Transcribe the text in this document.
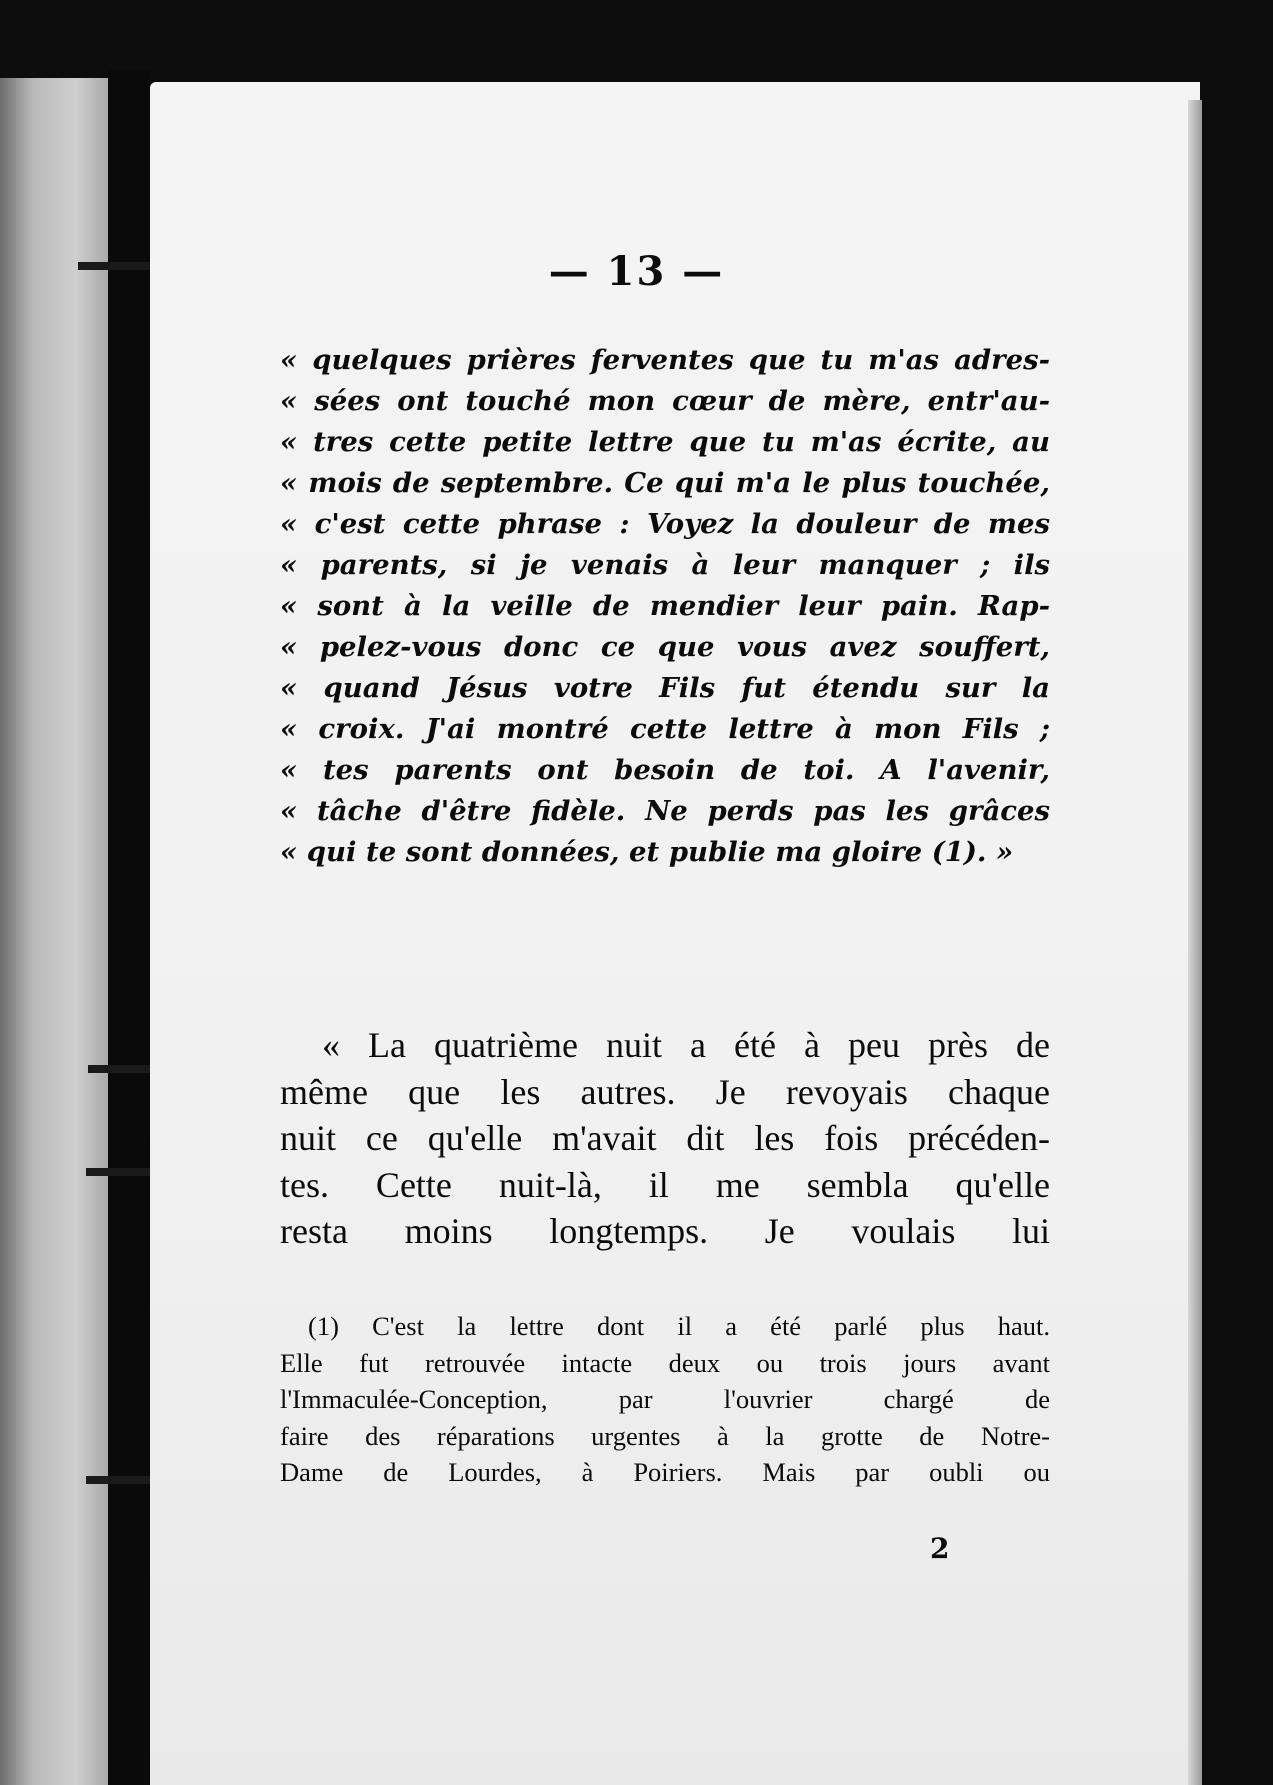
— 13 —
« quelques prières ferventes que tu m'as adres-
« sées ont touché mon cœur de mère, entr'au-
« tres cette petite lettre que tu m'as écrite, au
« mois de septembre. Ce qui m'a le plus touchée,
« c'est cette phrase : Voyez la douleur de mes
« parents, si je venais à leur manquer ; ils
« sont à la veille de mendier leur pain. Rap-
« pelez-vous donc ce que vous avez souffert,
« quand Jésus votre Fils fut étendu sur la
« croix. J'ai montré cette lettre à mon Fils ;
« tes parents ont besoin de toi. A l'avenir,
« tâche d'être fidèle. Ne perds pas les grâces
« qui te sont données, et publie ma gloire (1). »
« La quatrième nuit a été à peu près de
même que les autres. Je revoyais chaque
nuit ce qu'elle m'avait dit les fois précéden-
tes. Cette nuit-là, il me sembla qu'elle
resta moins longtemps. Je voulais lui
(1) C'est la lettre dont il a été parlé plus haut.
Elle fut retrouvée intacte deux ou trois jours avant
l'Immaculée-Conception, par l'ouvrier chargé de
faire des réparations urgentes à la grotte de Notre-
Dame de Lourdes, à Poiriers. Mais par oubli ou
2
